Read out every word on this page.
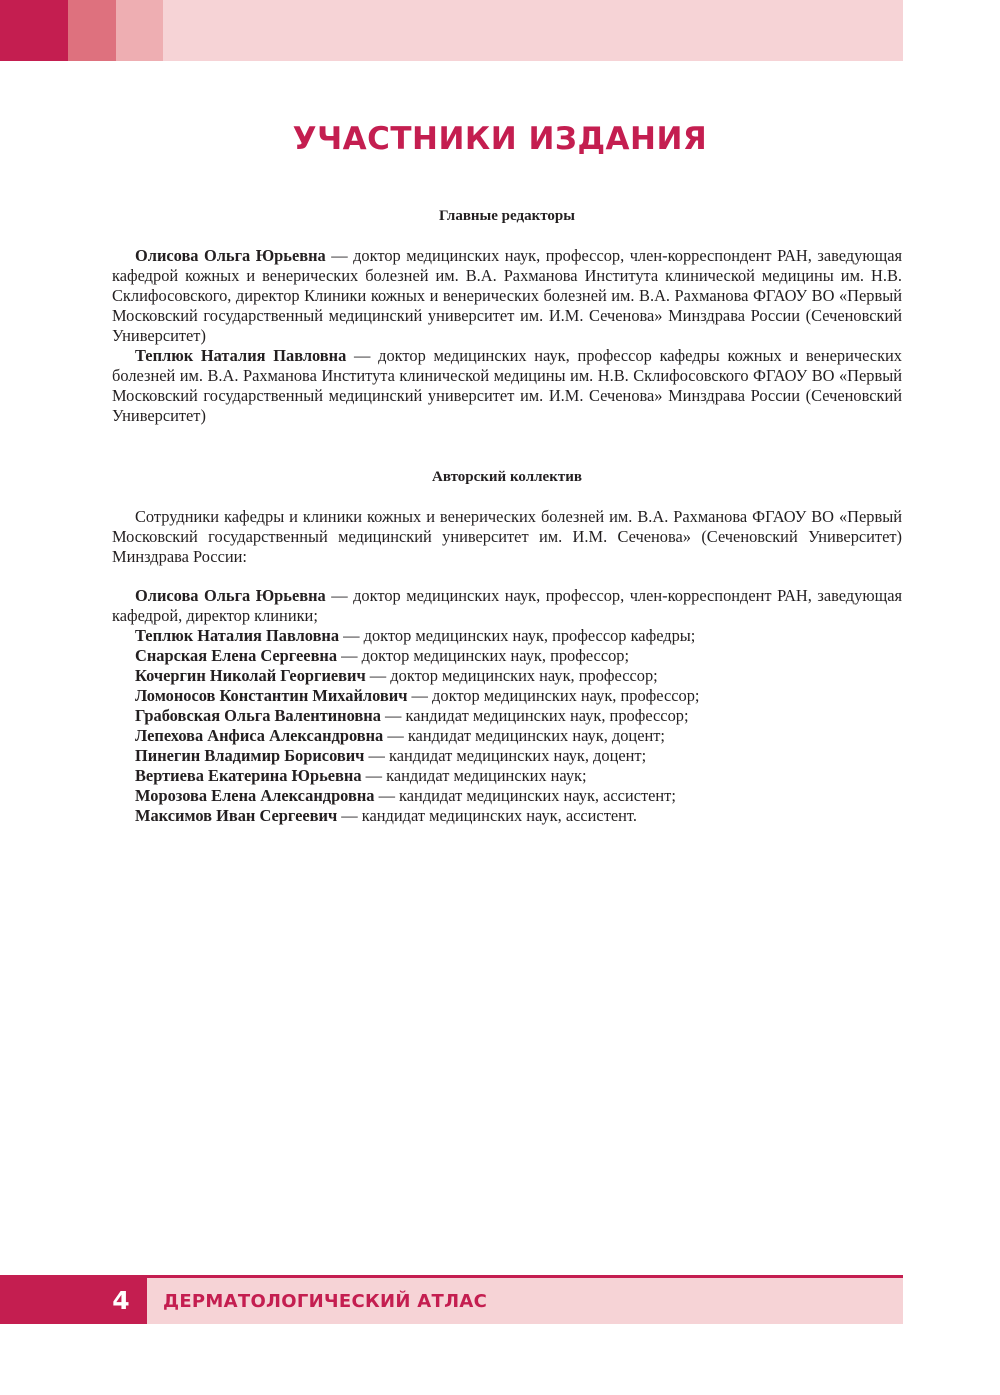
УЧАСТНИКИ ИЗДАНИЯ
Главные редакторы

Олисова Ольга Юрьевна — доктор медицинских наук, профессор, член-корреспондент РАН, заведующая кафедрой кожных и венерических болезней им. В.А. Рахманова Института клинической медицины им. Н.В. Склифосовского, директор Клиники кожных и венерических болезней им. В.А. Рахманова ФГАОУ ВО «Первый Московский государственный медицинский университет им. И.М. Сеченова» Минздрава России (Сеченовский Университет)

Теплюк Наталия Павловна — доктор медицинских наук, профессор кафедры кожных и венерических болезней им. В.А. Рахманова Института клинической медицины им. Н.В. Склифосовского ФГАОУ ВО «Первый Московский государственный медицинский университет им. И.М. Сеченова» Минздрава России (Сеченовский Университет)

Авторский коллектив

Сотрудники кафедры и клиники кожных и венерических болезней им. В.А. Рахманова ФГАОУ ВО «Первый Московский государственный медицинский университет им. И.М. Сеченова» (Сеченовский Университет) Минздрава России:

Олисова Ольга Юрьевна — доктор медицинских наук, профессор, член-корреспондент РАН, заведующая кафедрой, директор клиники;
Теплюк Наталия Павловна — доктор медицинских наук, профессор кафедры;
Снарская Елена Сергеевна — доктор медицинских наук, профессор;
Кочергин Николай Георгиевич — доктор медицинских наук, профессор;
Ломоносов Константин Михайлович — доктор медицинских наук, профессор;
Грабовская Ольга Валентиновна — кандидат медицинских наук, профессор;
Лепехова Анфиса Александровна — кандидат медицинских наук, доцент;
Пинегин Владимир Борисович — кандидат медицинских наук, доцент;
Вертиева Екатерина Юрьевна — кандидат медицинских наук;
Морозова Елена Александровна — кандидат медицинских наук, ассистент;
Максимов Иван Сергеевич — кандидат медицинских наук, ассистент.
4	ДЕРМАТОЛОГИЧЕСКИЙ АТЛАС
